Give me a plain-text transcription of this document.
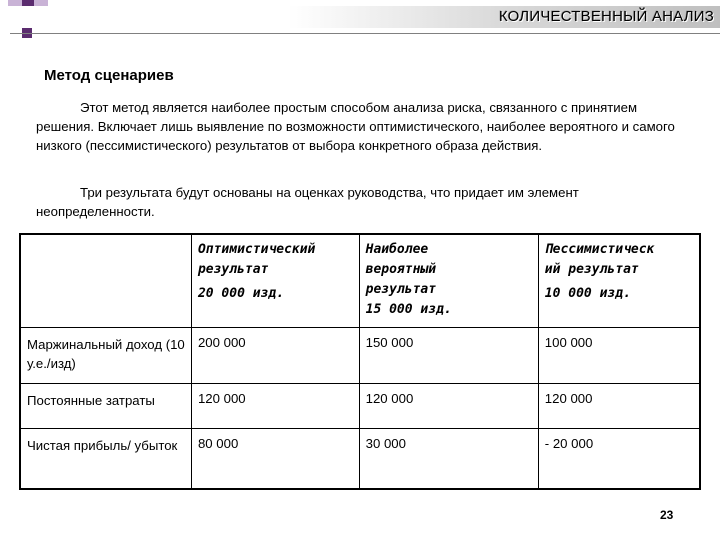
КОЛИЧЕСТВЕННЫЙ АНАЛИЗ
Метод сценариев

Этот метод является наиболее простым способом анализа риска, связанного с принятием решения. Включает лишь выявление по возможности оптимистического, наиболее вероятного и самого низкого (пессимистического) результатов от выбора конкретного образа действия.

Три результата будут основаны на оценках руководства, что придает им элемент неопределенности.

	Оптимистический
результат
20 000 изд.	Наиболее
вероятный
результат
15 000 изд.	Пессимистическ
ий результат
10 000 изд.

Маржинальный доход (10 у.е./изд)	200 000	150 000	100 000
Постоянные затраты	120 000	120 000	120 000
Чистая прибыль/ убыток	80 000	30 000	- 20 000
23
